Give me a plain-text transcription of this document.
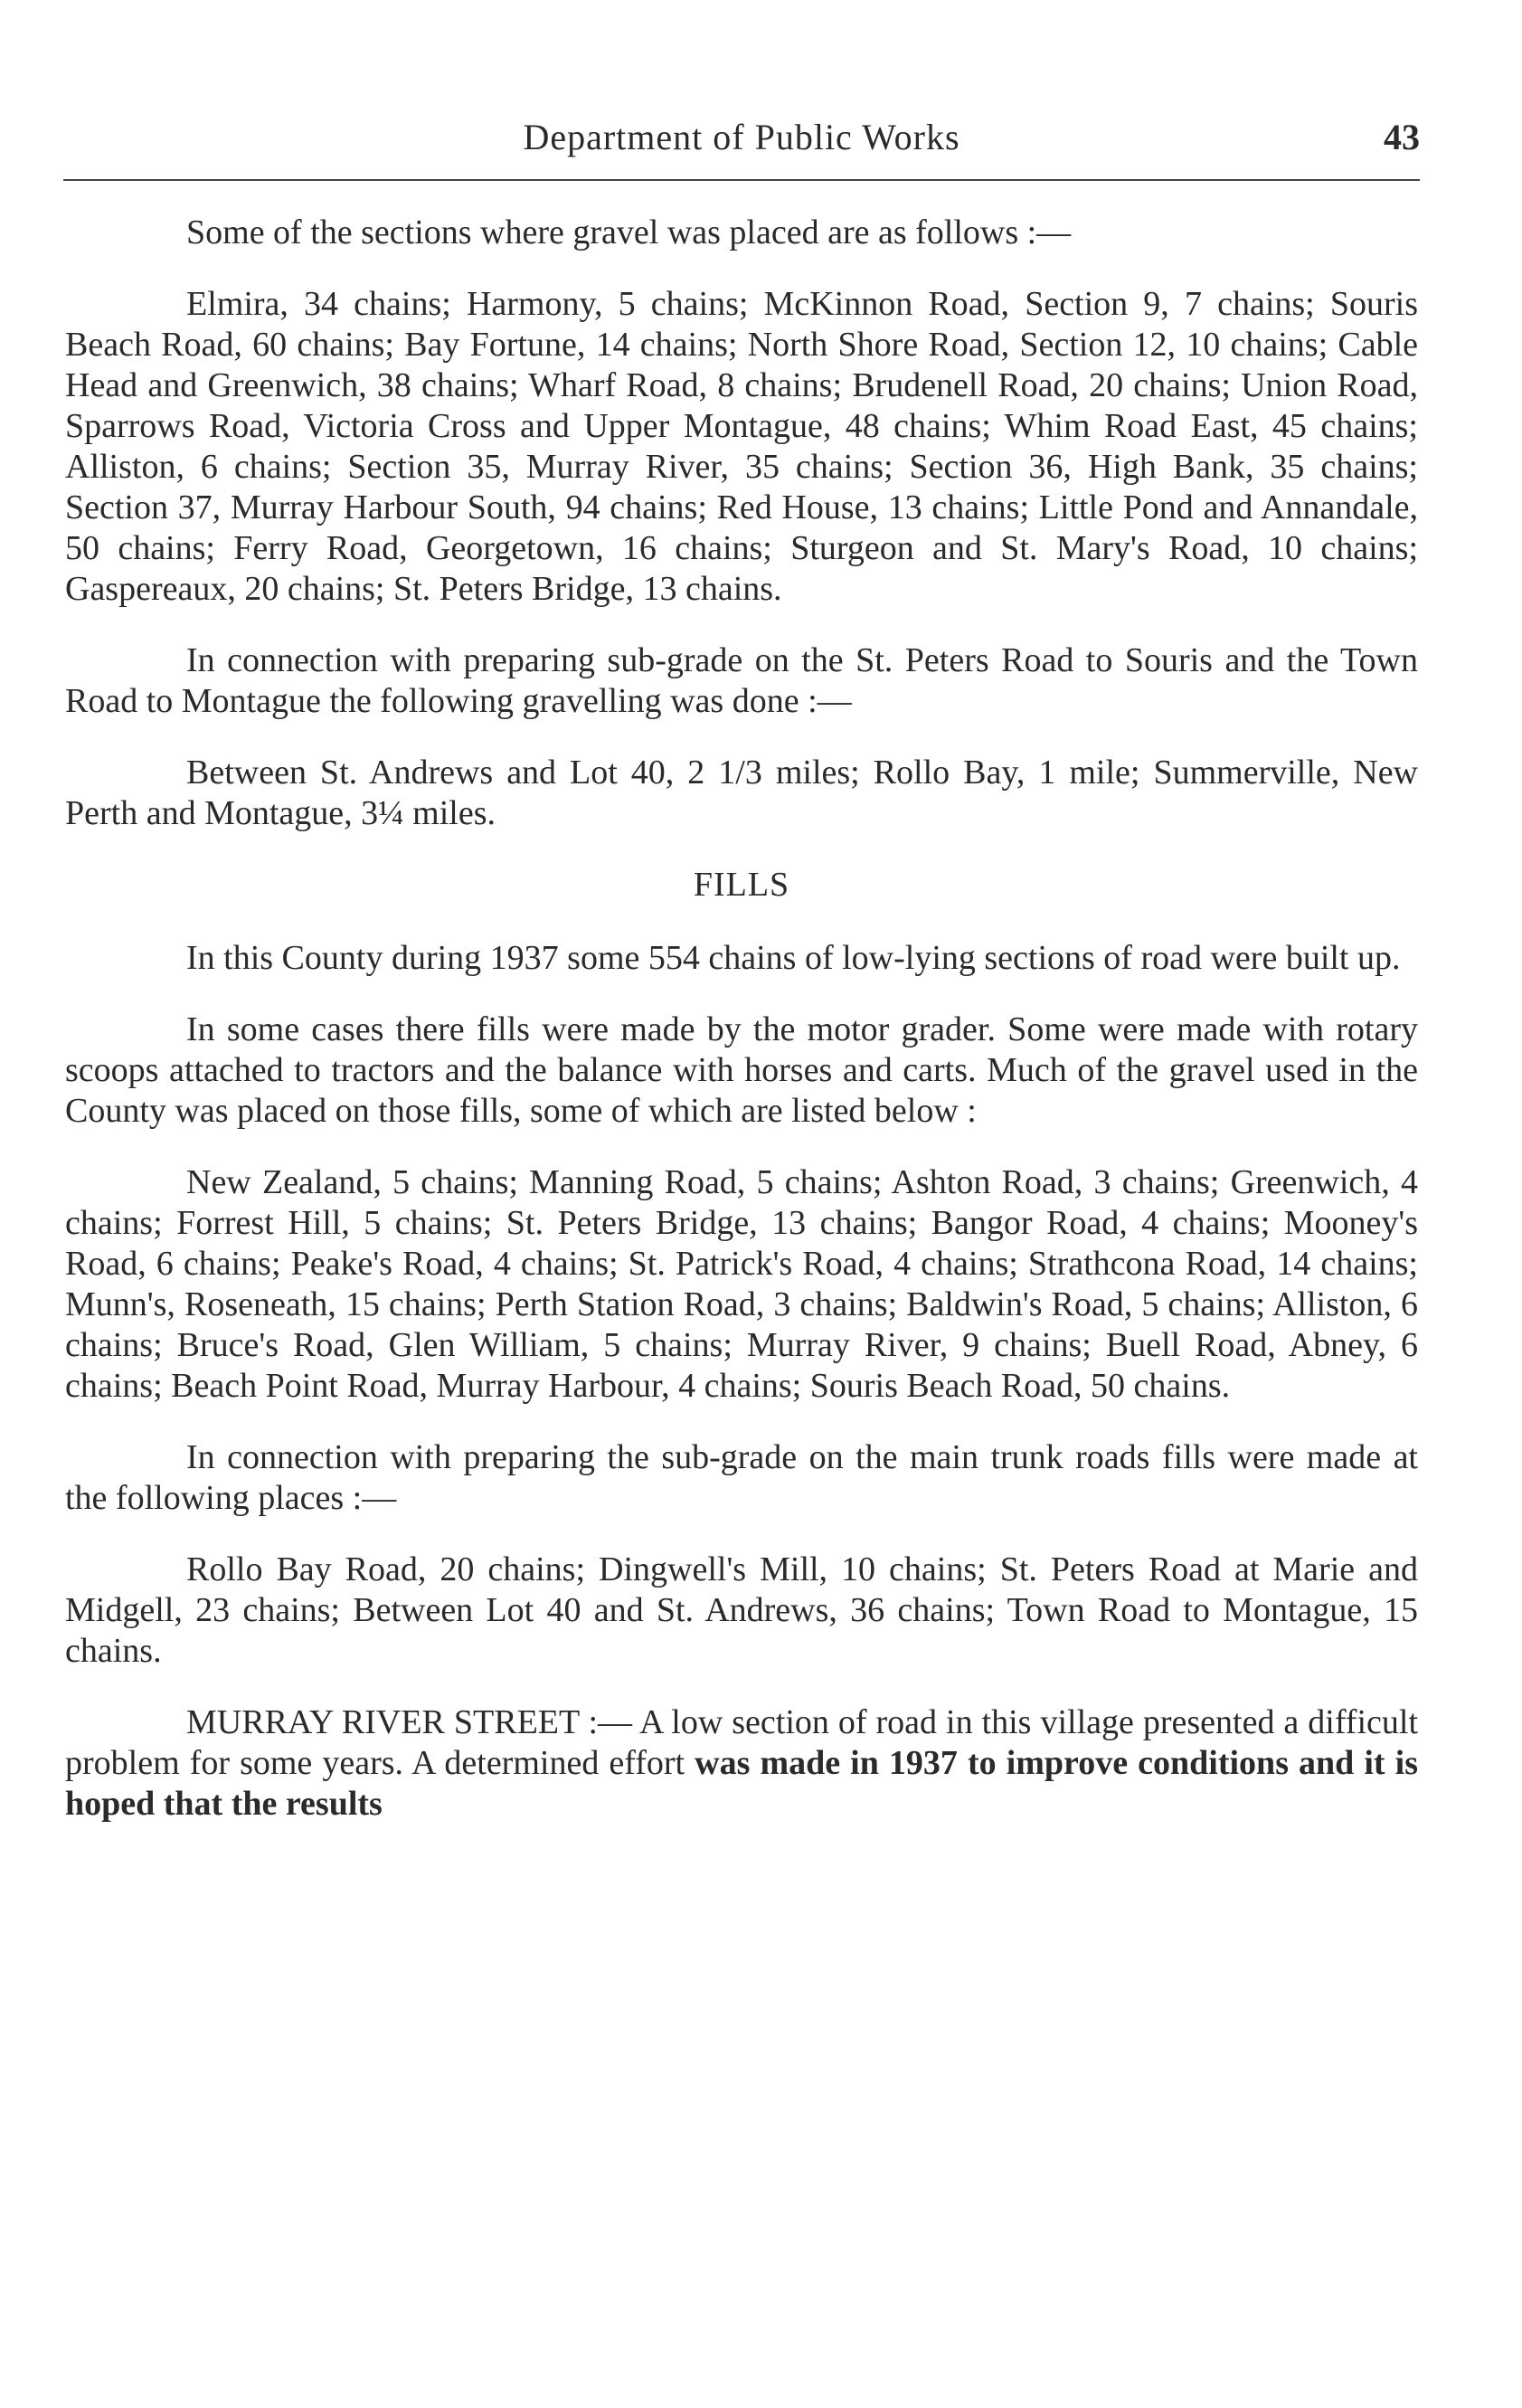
Department of Public Works	43

Some of the sections where gravel was placed are as follows :—

Elmira, 34 chains; Harmony, 5 chains; McKinnon Road, Section 9, 7 chains; Souris Beach Road, 60 chains; Bay Fortune, 14 chains; North Shore Road, Section 12, 10 chains; Cable Head and Greenwich, 38 chains; Wharf Road, 8 chains; Brudenell Road, 20 chains; Union Road, Sparrows Road, Victoria Cross and Upper Montague, 48 chains; Whim Road East, 45 chains; Alliston, 6 chains; Section 35, Murray River, 35 chains; Section 36, High Bank, 35 chains; Section 37, Murray Harbour South, 94 chains; Red House, 13 chains; Little Pond and Annandale, 50 chains; Ferry Road, Georgetown, 16 chains; Sturgeon and St. Mary's Road, 10 chains; Gaspereaux, 20 chains; St. Peters Bridge, 13 chains.

In connection with preparing sub-grade on the St. Peters Road to Souris and the Town Road to Montague the following gravelling was done :—

Between St. Andrews and Lot 40, 2 1/3 miles; Rollo Bay, 1 mile; Summerville, New Perth and Montague, 3¼ miles.

FILLS

In this County during 1937 some 554 chains of low-lying sections of road were built up.

In some cases there fills were made by the motor grader. Some were made with rotary scoops attached to tractors and the balance with horses and carts. Much of the gravel used in the County was placed on those fills, some of which are listed below :

New Zealand, 5 chains; Manning Road, 5 chains; Ashton Road, 3 chains; Greenwich, 4 chains; Forrest Hill, 5 chains; St. Peters Bridge, 13 chains; Bangor Road, 4 chains; Mooney's Road, 6 chains; Peake's Road, 4 chains; St. Patrick's Road, 4 chains; Strathcona Road, 14 chains; Munn's, Roseneath, 15 chains; Perth Station Road, 3 chains; Baldwin's Road, 5 chains; Alliston, 6 chains; Bruce's Road, Glen William, 5 chains; Murray River, 9 chains; Buell Road, Abney, 6 chains; Beach Point Road, Murray Harbour, 4 chains; Souris Beach Road, 50 chains.

In connection with preparing the sub-grade on the main trunk roads fills were made at the following places :—

Rollo Bay Road, 20 chains; Dingwell's Mill, 10 chains; St. Peters Road at Marie and Midgell, 23 chains; Between Lot 40 and St. Andrews, 36 chains; Town Road to Montague, 15 chains.

MURRAY RIVER STREET :— A low section of road in this village presented a difficult problem for some years. A determined effort was made in 1937 to improve conditions and it is hoped that the results
